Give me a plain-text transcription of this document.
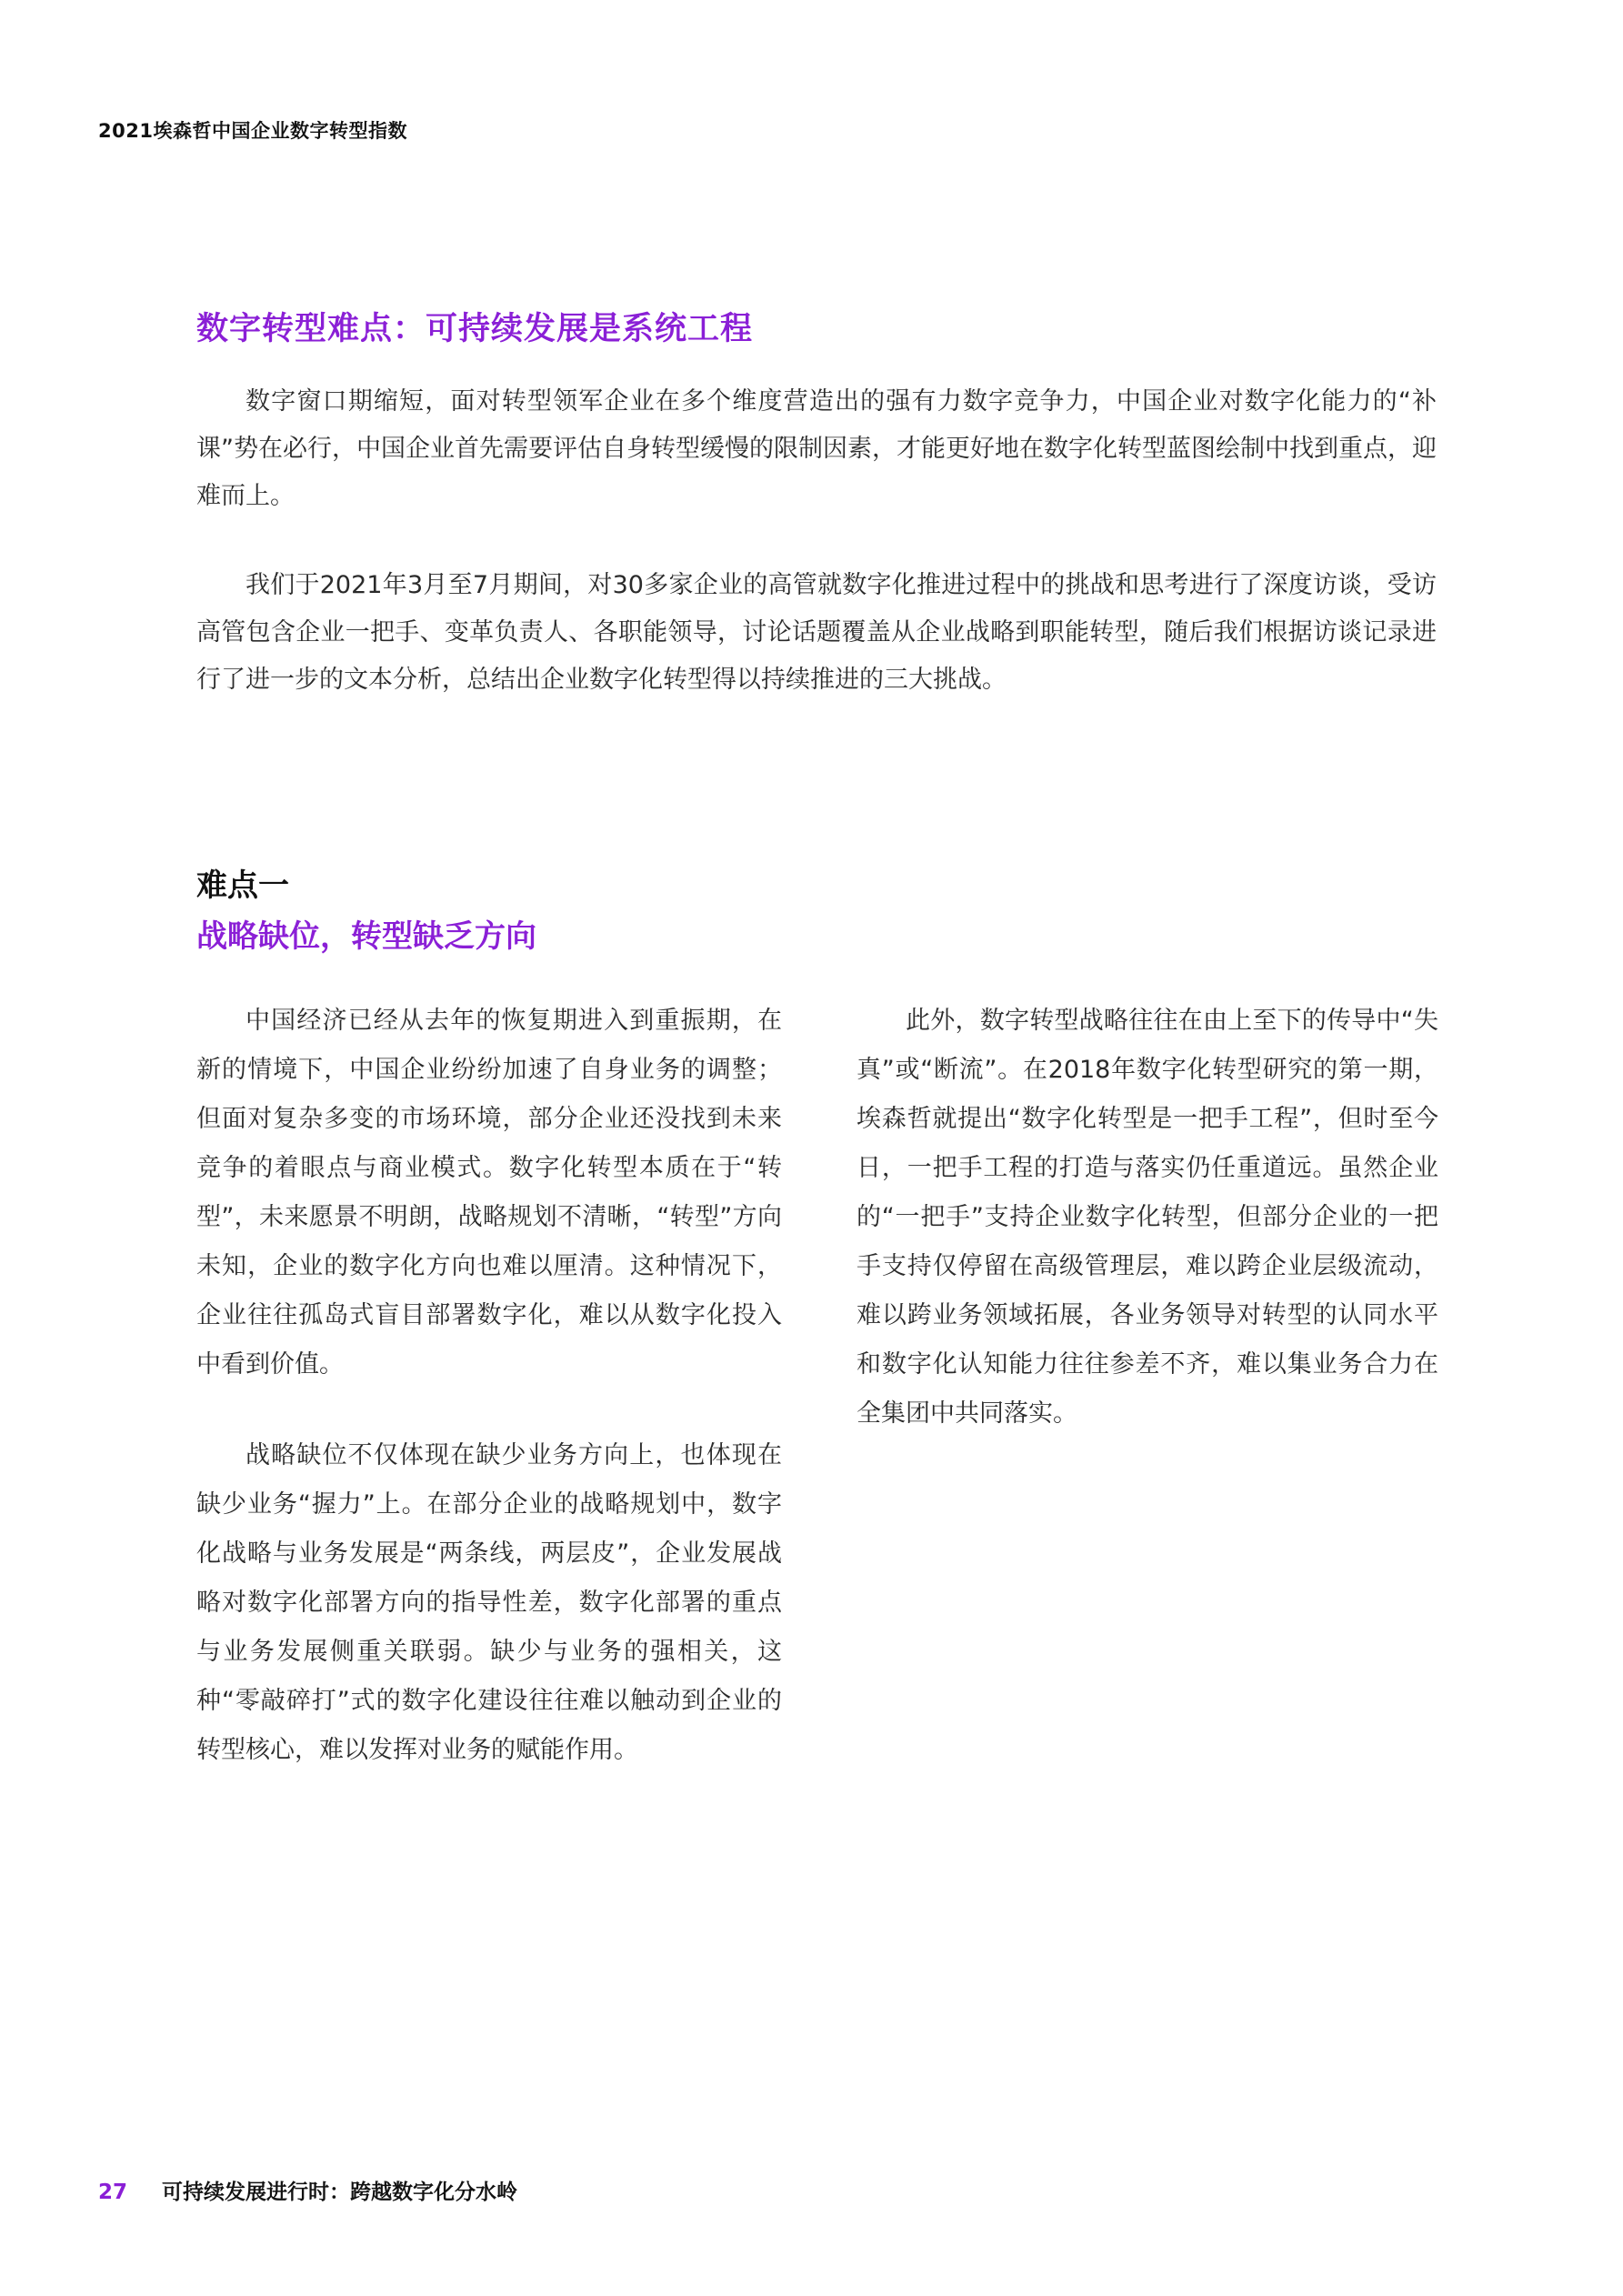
2021埃森哲中国企业数字转型指数
数字转型难点：可持续发展是系统工程

数字窗口期缩短，面对转型领军企业在多个维度营造出的强有力数字竞争力，中国企业对数字化能力的“补课”势在必行，中国企业首先需要评估自身转型缓慢的限制因素，才能更好地在数字化转型蓝图绘制中找到重点，迎难而上。

我们于2021年3月至7月期间，对30多家企业的高管就数字化推进过程中的挑战和思考进行了深度访谈，受访高管包含企业一把手、变革负责人、各职能领导，讨论话题覆盖从企业战略到职能转型，随后我们根据访谈记录进行了进一步的文本分析，总结出企业数字化转型得以持续推进的三大挑战。

难点一
战略缺位，转型缺乏方向

中国经济已经从去年的恢复期进入到重振期，在新的情境下，中国企业纷纷加速了自身业务的调整；但面对复杂多变的市场环境，部分企业还没找到未来竞争的着眼点与商业模式。数字化转型本质在于“转型”，未来愿景不明朗，战略规划不清晰，“转型”方向未知，企业的数字化方向也难以厘清。这种情况下，企业往往孤岛式盲目部署数字化，难以从数字化投入中看到价值。

战略缺位不仅体现在缺少业务方向上，也体现在缺少业务“握力”上。在部分企业的战略规划中，数字化战略与业务发展是“两条线，两层皮”，企业发展战略对数字化部署方向的指导性差，数字化部署的重点与业务发展侧重关联弱。缺少与业务的强相关，这种“零敲碎打”式的数字化建设往往难以触动到企业的转型核心，难以发挥对业务的赋能作用。

此外，数字转型战略往往在由上至下的传导中“失真”或“断流”。在2018年数字化转型研究的第一期，埃森哲就提出“数字化转型是一把手工程”，但时至今日，一把手工程的打造与落实仍任重道远。虽然企业的“一把手”支持企业数字化转型，但部分企业的一把手支持仅停留在高级管理层，难以跨企业层级流动，难以跨业务领域拓展，各业务领导对转型的认同水平和数字化认知能力往往参差不齐，难以集业务合力在全集团中共同落实。

27 可持续发展进行时：跨越数字化分水岭
